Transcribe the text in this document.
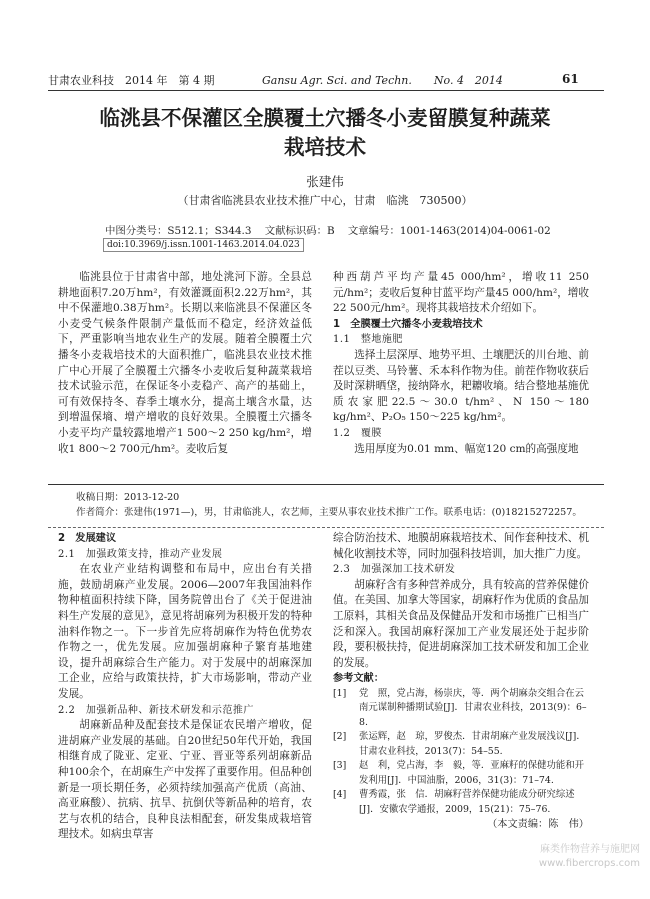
甘肃农业科技　2014 年　第 4 期	Gansu Agr. Sci. and Techn.　　No. 4　2014	61
临洮县不保灌区全膜覆土穴播冬小麦留膜复种蔬菜
栽培技术
张建伟
（甘肃省临洮县农业技术推广中心，甘肃　临洮　730500）
中图分类号：S512.1；S344.3 文献标识码：B 文章编号：1001-1463(2014)04-0061-02
doi:10.3969/j.issn.1001-1463.2014.04.023

临洮县位于甘肃省中部，地处洮河下游。全县总耕地面积7.20万hm²，有效灌溉面积2.22万hm²，其中不保灌地0.38万hm²。长期以来临洮县不保灌区冬小麦受气候条件限制产量低而不稳定，经济效益低下，严重影响当地农业生产的发展。随着全膜覆土穴播冬小麦栽培技术的大面积推广，临洮县农业技术推广中心开展了全膜覆土穴播冬小麦收后复种蔬菜栽培技术试验示范，在保证冬小麦稳产、高产的基础上，可有效保持冬、春季土壤水分，提高土壤含水量，达到增温保墒、增产增收的良好效果。全膜覆土穴播冬小麦平均产量较露地增产1 500～2 250 kg/hm²，增收1 800～2 700元/hm²。麦收后复

种西葫芦平均产量45 000/hm²，增收11 250元/hm²；麦收后复种甘蓝平均产量45 000/hm²，增收22 500元/hm²。现将其栽培技术介绍如下。

1　全膜覆土穴播冬小麦栽培技术

1.1　整地施肥

选择土层深厚、地势平坦、土壤肥沃的川台地、前茬以豆类、马铃薯、禾本科作物为佳。前茬作物收获后及时深耕晒垡，接纳降水，耙耱收墒。结合整地基施优质农家肥22.5～30.0 t/hm²、N 150～180 kg/hm²、P₂O₅ 150～225 kg/hm²。

1.2　覆膜

选用厚度为0.01 mm、幅宽120 cm的高强度地

收稿日期：2013-12-20
作者简介：张建伟(1971—)，男，甘肃临洮人，农艺师，主要从事农业技术推广工作。联系电话：(0)18215272257。

2　发展建议

2.1　加强政策支持，推动产业发展

在农业产业结构调整和布局中，应出台有关措施，鼓励胡麻产业发展。2006—2007年我国油料作物种植面积持续下降，国务院曾出台了《关于促进油料生产发展的意见》，意见将胡麻列为积极开发的特种油料作物之一。下一步首先应将胡麻作为特色优势农作物之一，优先发展。应加强胡麻种子繁育基地建设，提升胡麻综合生产能力。对于发展中的胡麻深加工企业，应给与政策扶持，扩大市场影响，带动产业发展。

2.2　加强新品种、新技术研发和示范推广

胡麻新品种及配套技术是保证农民增产增收，促进胡麻产业发展的基础。自20世纪50年代开始，我国相继育成了陇亚、定亚、宁亚、晋亚等系列胡麻新品种100余个，在胡麻生产中发挥了重要作用。但品种创新是一项长期任务，必须持续加强高产优质（高油、高亚麻酸）、抗病、抗旱、抗倒伏等新品种的培育，农艺与农机的结合，良种良法相配套，研发集成栽培管理技术。如病虫草害

综合防治技术、地膜胡麻栽培技术、间作套种技术、机械化收割技术等，同时加强科技培训，加大推广力度。

2.3　加强深加工技术研发

胡麻籽含有多种营养成分，具有较高的营养保健价值。在美国、加拿大等国家，胡麻籽作为优质的食品加工原料，其相关食品及保健品开发和市场推广已相当广泛和深入。我国胡麻籽深加工产业发展还处于起步阶段，要积极扶持，促进胡麻深加工技术研发和加工企业的发展。

参考文献：

[1] 党　照，党占海，杨崇庆，等．两个胡麻杂交组合在云南元谋制种播期试验[J]．甘肃农业科技，2013(9)：6–8.

[2] 张运辉，赵　琼，罗俊杰．甘肃胡麻产业发展浅议[J]．甘肃农业科技，2013(7)：54–55.

[3] 赵　利，党占海，李　毅，等．亚麻籽的保健功能和开发利用[J]．中国油脂，2006，31(3)：71–74.

[4] 曹秀霞，张　信．胡麻籽营养保健功能成分研究综述[J]．安徽农学通报，2009，15(21)：75–76.

（本文责编：陈　伟）

麻类作物营养与施肥网
www.fibercrops.com
